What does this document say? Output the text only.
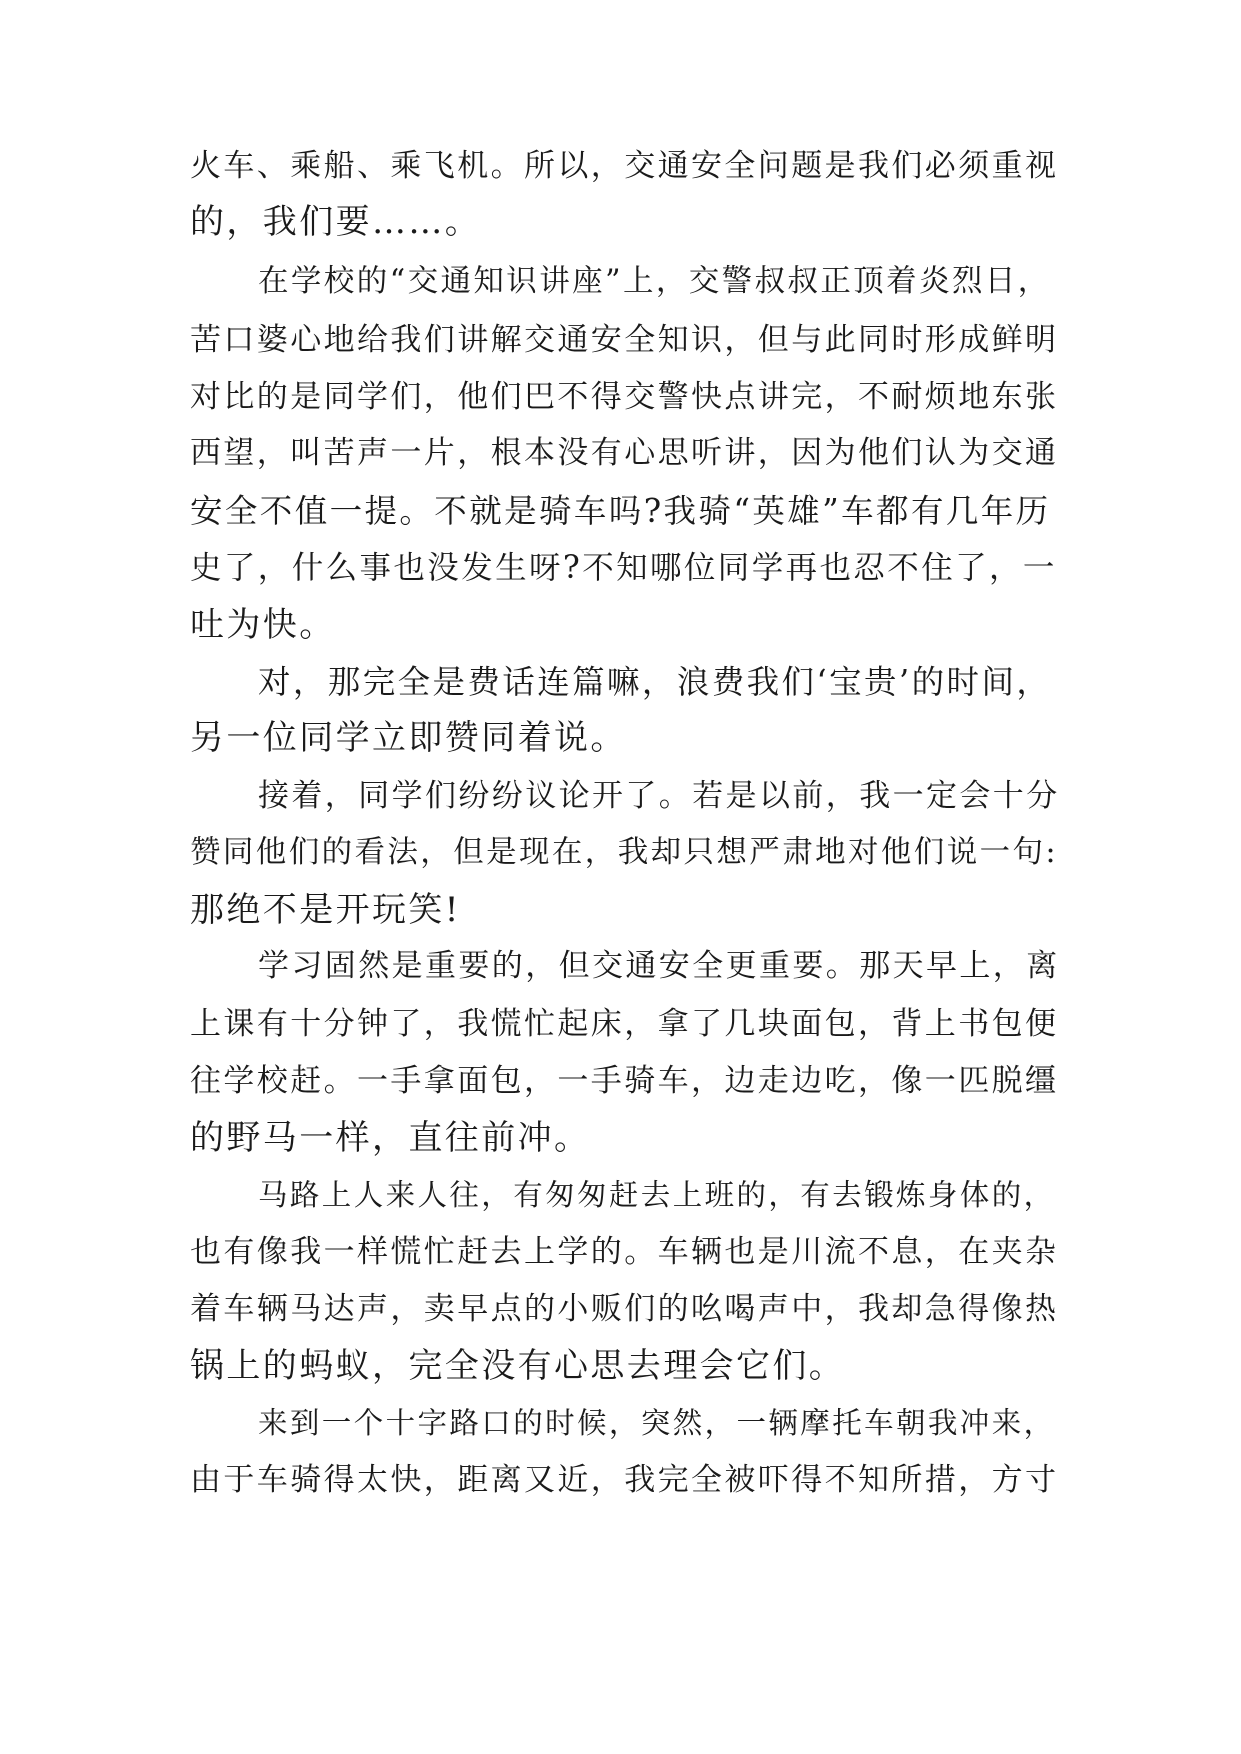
火车、乘船、乘飞机。所以，交通安全问题是我们必须重视
的，我们要……。
在学校的“交通知识讲座”上，交警叔叔正顶着炎烈日，
苦口婆心地给我们讲解交通安全知识，但与此同时形成鲜明
对比的是同学们，他们巴不得交警快点讲完，不耐烦地东张
西望，叫苦声一片，根本没有心思听讲，因为他们认为交通
安全不值一提。不就是骑车吗?我骑“英雄”车都有几年历
史了，什么事也没发生呀?不知哪位同学再也忍不住了，一
吐为快。
对，那完全是费话连篇嘛，浪费我们‘宝贵’的时间，
另一位同学立即赞同着说。
接着，同学们纷纷议论开了。若是以前，我一定会十分
赞同他们的看法，但是现在，我却只想严肃地对他们说一句:
那绝不是开玩笑!
学习固然是重要的，但交通安全更重要。那天早上，离
上课有十分钟了，我慌忙起床，拿了几块面包，背上书包便
往学校赶。一手拿面包，一手骑车，边走边吃，像一匹脱缰
的野马一样，直往前冲。
马路上人来人往，有匆匆赶去上班的，有去锻炼身体的，
也有像我一样慌忙赶去上学的。车辆也是川流不息，在夹杂
着车辆马达声，卖早点的小贩们的吆喝声中，我却急得像热
锅上的蚂蚁，完全没有心思去理会它们。
来到一个十字路口的时候，突然，一辆摩托车朝我冲来，
由于车骑得太快，距离又近，我完全被吓得不知所措，方寸
